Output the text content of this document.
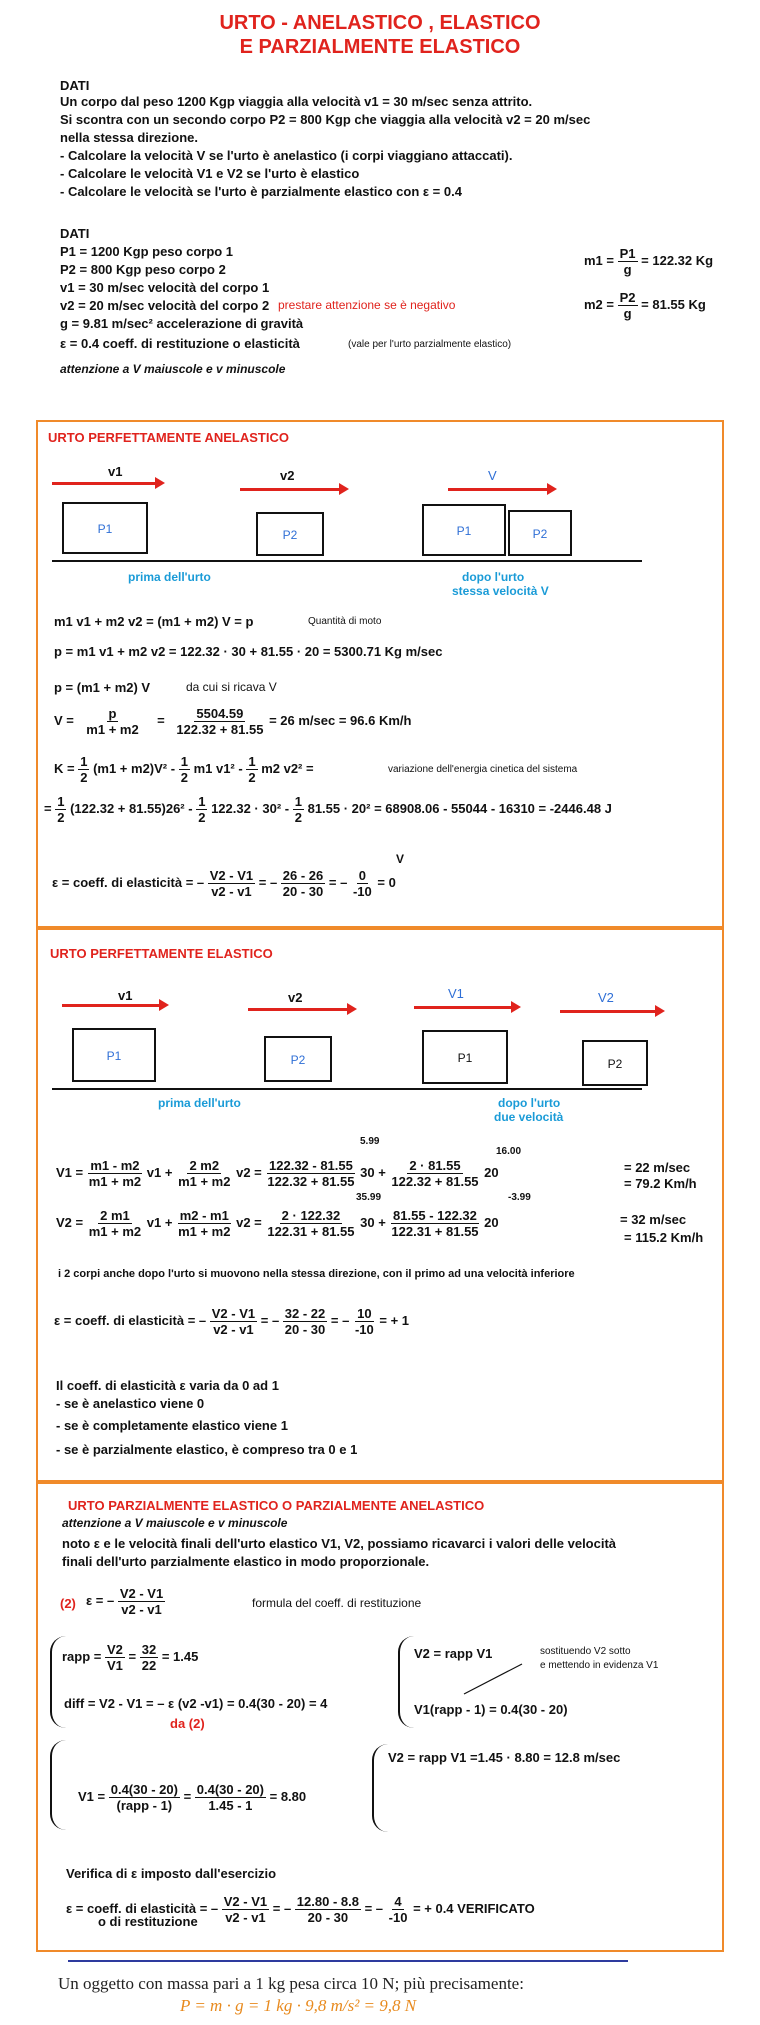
URTO - ANELASTICO , ELASTICO
E PARZIALMENTE ELASTICO
DATI
Un corpo dal peso 1200 Kgp viaggia alla velocità v1 = 30 m/sec senza attrito.
Si scontra con un secondo corpo P2 = 800 Kgp che viaggia alla velocità v2 = 20 m/sec
nella stessa direzione.
- Calcolare la velocità V se l'urto è anelastico (i corpi viaggiano attaccati).
- Calcolare le velocità V1 e V2 se l'urto è elastico
- Calcolare le velocità se l'urto è parzialmente elastico con ε = 0.4
DATI
P1 = 1200 Kgp peso corpo 1
P2 = 800 Kgp peso corpo 2
v1 = 30 m/sec velocità del corpo 1
v2 = 20 m/sec velocità del corpo 2 prestare attenzione se è negativo
g = 9.81 m/sec² accelerazione di gravità
ε = 0.4 coeff. di restituzione o elasticità	(vale per l'urto parzialmente elastico)
attenzione a V maiuscole e v minuscole
$m1 = \frac{P1}{g} = 122.32$ Kg
$m2 = \frac{P2}{g} = 81.55$ Kg
URTO PERFETTAMENTE ANELASTICO
v1	v2	V
P1	P2	P1	P2
prima dell'urto	dopo l'urto
stessa velocità V
m1 v1 + m2 v2 = (m1 + m2) V = p	Quantità di moto
p = m1 v1 + m2 v2 = 122.32 · 30 + 81.55 · 20 = 5300.71 Kg m/sec
p = (m1 + m2) V	da cui si ricava V
$V = \frac{p}{m1 + m2} = \frac{5504.59}{122.32 + 81.55} = 26$ m/sec = 96.6 Km/h
$K = \frac{1}{2} (m1 + m2)V^2 - \frac{1}{2} m1$ $v1^2 - \frac{1}{2} m2$ v2² =	variazione dell'energia cinetica del sistema
= $\frac{1}{2} (122.32 + 81.55)26^2 - \frac{1}{2} 122.32 \cdot 30^2 - \frac{1}{2} 81.55 \cdot 20^2 = 68908.06 - 55044 - 16310 = -2446.48$ J
ε = coeff. di elasticità = – $\frac{V2 - V1}{v2 - v1}$ = – $\frac{26 - 26}{20 - 30}$ = – $\frac{0}{-10} = 0$
V
URTO PERFETTAMENTE ELASTICO
v1	v2	V1	V2
P1	P2	P1	P2
prima dell'urto	dopo l'urto
due velocità
5.99
16.00
$V1 = \frac{m1 - m2}{m1 + m2} v1 + \frac{2 m2}{m1 + m2} v2 = \frac{122.32 - 81.55}{122.32 + 81.55} 30 + \frac{2 \cdot 81.55}{122.32 + 81.55} 20$	= 22 m/sec
= 79.2 Km/h
35.99	-3.99
$V2 = \frac{2 m1}{m1 + m2} v1 + \frac{m2 - m1}{m1 + m2} v2 = \frac{2 \cdot 122.32}{122.31 + 81.55} 30 + \frac{81.55 - 122.32}{122.31 + 81.55} 20$	= 32 m/sec
= 115.2 Km/h
i 2 corpi anche dopo l'urto si muovono nella stessa direzione, con il primo ad una velocità inferiore
ε = coeff. di elasticità = – $\frac{V2 - V1}{v2 - v1}$ = – $\frac{32 - 22}{20 - 30}$ = – $\frac{10}{-10}$ = + 1
Il coeff. di elasticità ε varia da 0 ad 1
- se è anelastico viene 0
- se è completamente elastico viene 1
- se è parzialmente elastico, è compreso tra 0 e 1
URTO PARZIALMENTE ELASTICO O PARZIALMENTE ANELASTICO
attenzione a V maiuscole e v minuscole
noto ε e le velocità finali dell'urto elastico V1, V2, possiamo ricavarci i valori delle velocità
finali dell'urto parzialmente elastico in modo proporzionale.
(2) ε = – $\frac{V2 - V1}{v2 - v1}$	formula del coeff. di restituzione
rapp = $\frac{V2}{V1} = \frac{32}{22} = 1.45$
diff = V2 - V1 = – ε (v2 -v1) = 0.4(30 - 20) = 4
da (2)
V2 = rapp V1	sostituendo V2 sotto
e mettendo in evidenza V1
V1(rapp - 1) = 0.4(30 - 20)
$V1 = \frac{0.4(30 - 20)}{\text{(rapp - 1)}} = \frac{0.4(30 - 20)}{1.45 - 1} = 8.80$
V2 = rapp V1 =1.45 · 8.80 = 12.8 m/sec
Verifica di ε imposto dall'esercizio
ε = coeff. di elasticità = – $\frac{V2 - V1}{v2 - v1}$ = – $\frac{12.80 - 8.8}{20 - 30}$ = – $\frac{4}{-10}$ = + 0.4 VERIFICATO
o di restituzione
Un oggetto con massa pari a 1 kg pesa circa 10 N; più precisamente:
P = m · g = 1 kg · 9,8 m/s² = 9,8 N
